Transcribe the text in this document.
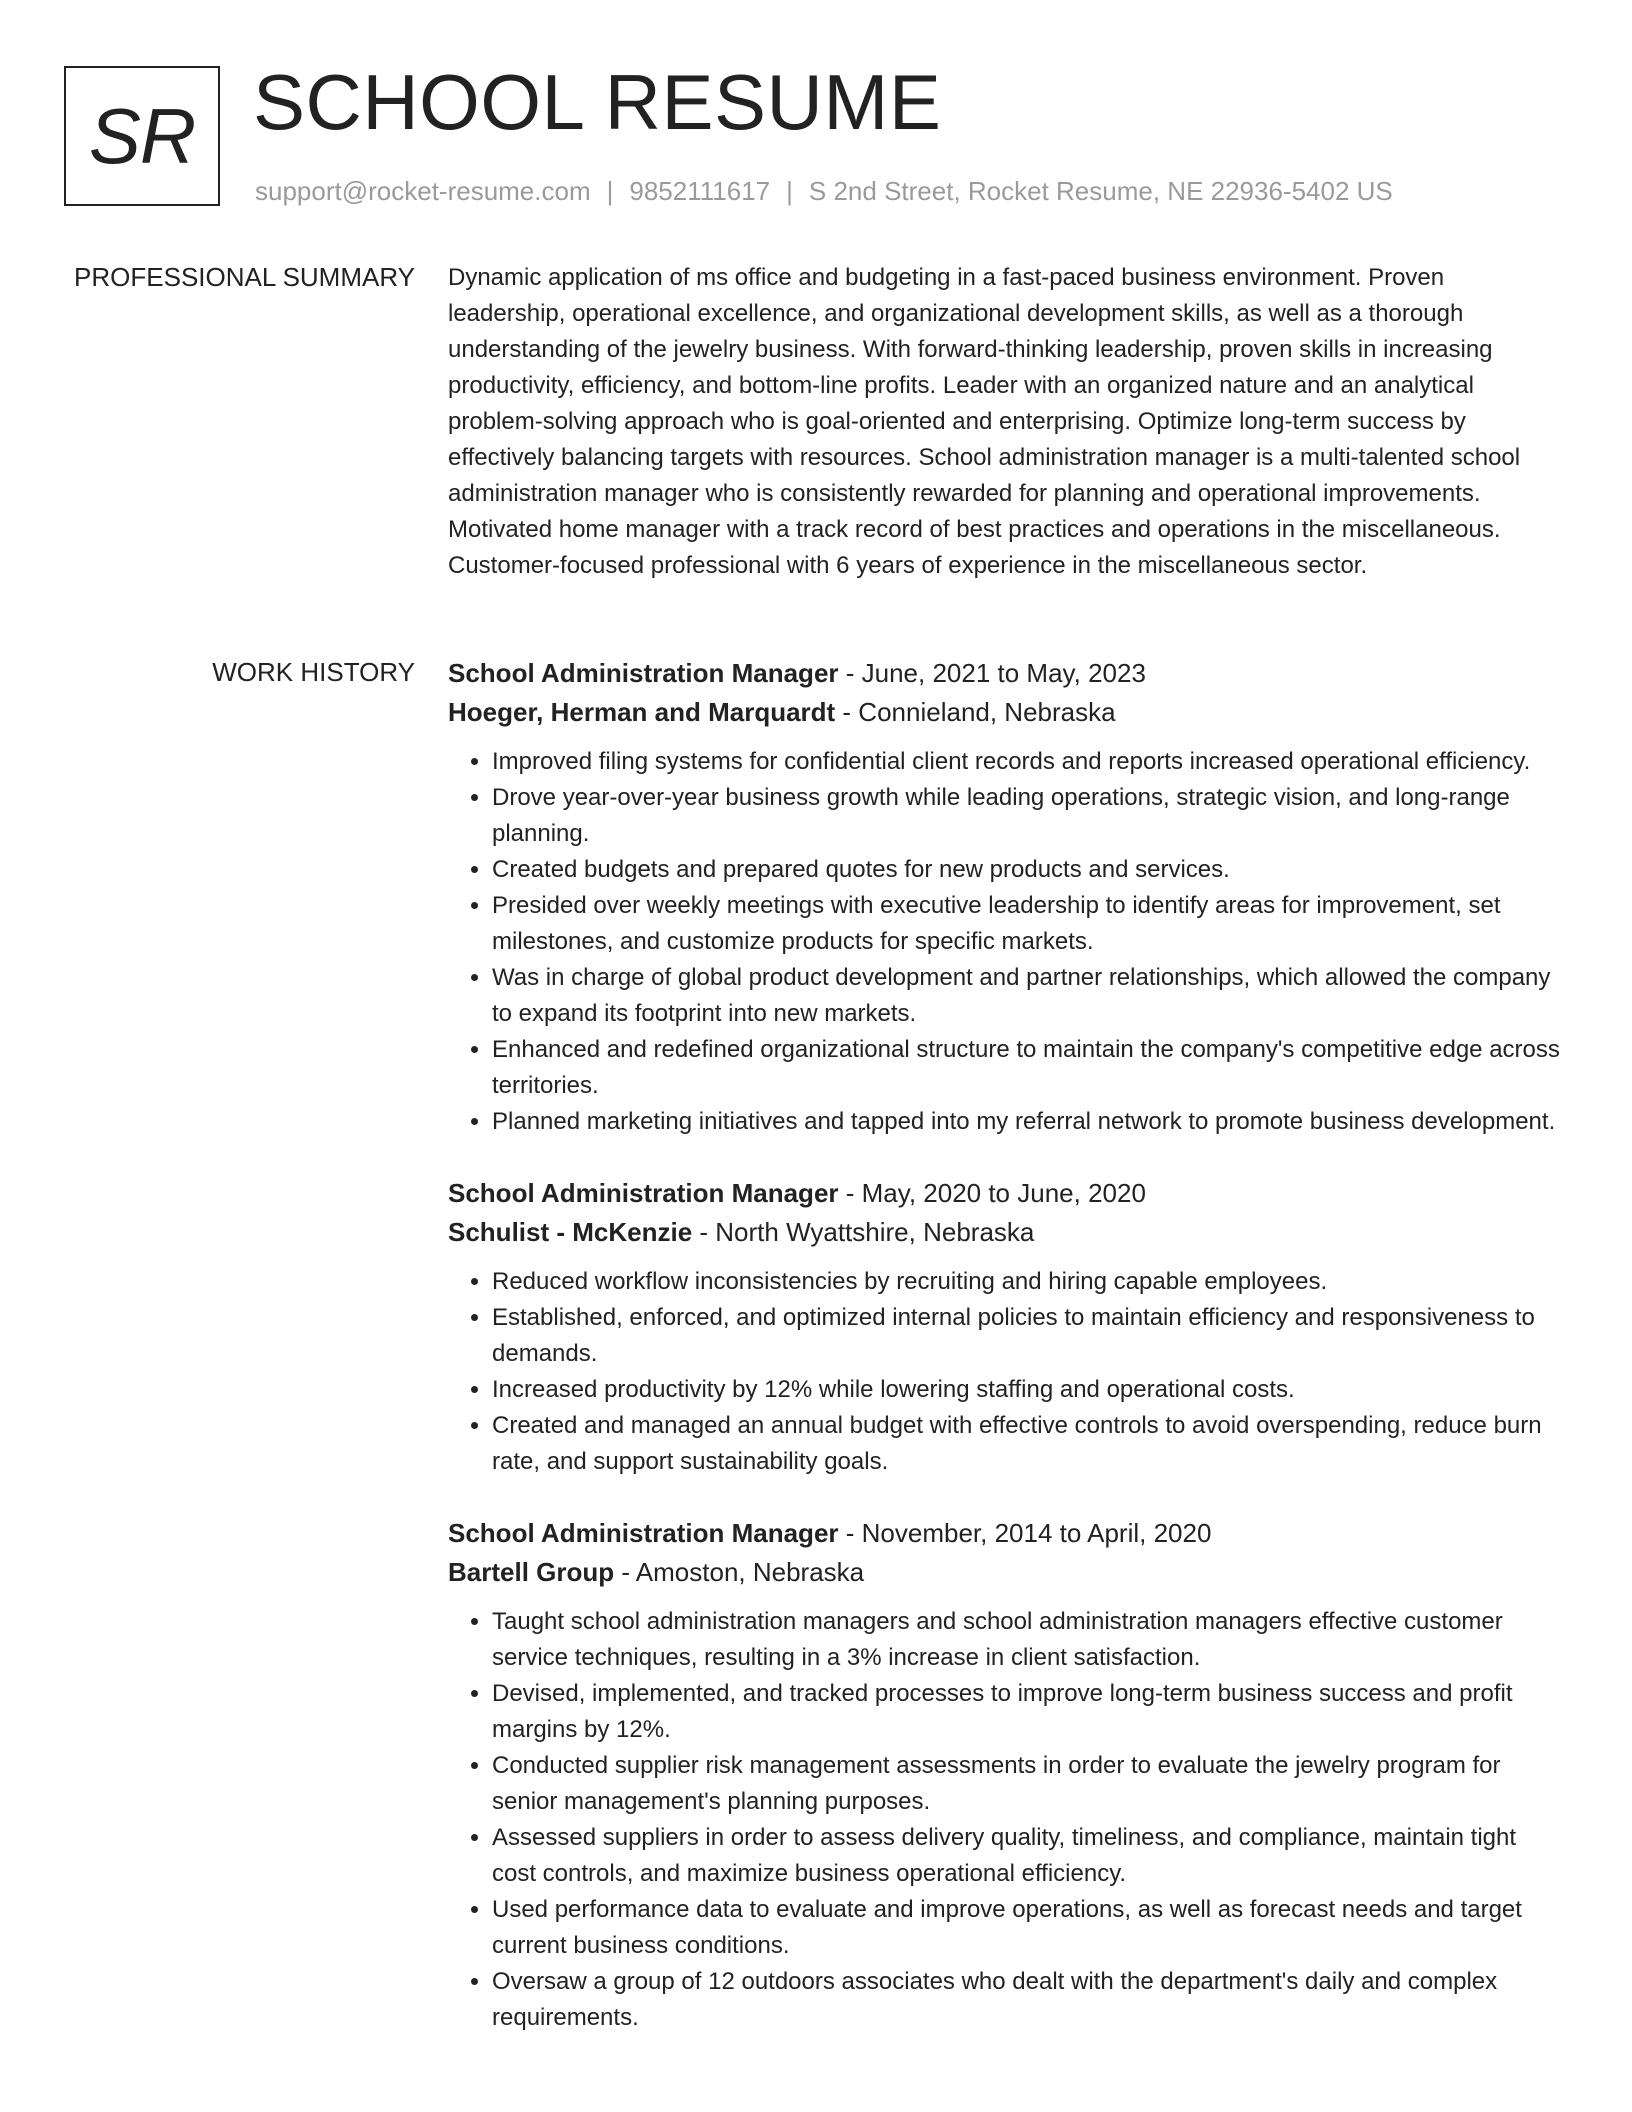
SR SCHOOL RESUME
support@rocket-resume.com | 9852111617 | S 2nd Street, Rocket Resume, NE 22936-5402 US
PROFESSIONAL SUMMARY Dynamic application of ms office and budgeting in a fast-paced business environment. Proven leadership, operational excellence, and organizational development skills, as well as a thorough understanding of the jewelry business. With forward-thinking leadership, proven skills in increasing productivity, efficiency, and bottom-line profits. Leader with an organized nature and an analytical problem-solving approach who is goal-oriented and enterprising. Optimize long-term success by effectively balancing targets with resources. School administration manager is a multi-talented school administration manager who is consistently rewarded for planning and operational improvements. Motivated home manager with a track record of best practices and operations in the miscellaneous. Customer-focused professional with 6 years of experience in the miscellaneous sector.

WORK HISTORY School Administration Manager - June, 2021 to May, 2023
Hoeger, Herman and Marquardt - Connieland, Nebraska
• Improved filing systems for confidential client records and reports increased operational efficiency.
• Drove year-over-year business growth while leading operations, strategic vision, and long-range planning.
• Created budgets and prepared quotes for new products and services.
• Presided over weekly meetings with executive leadership to identify areas for improvement, set milestones, and customize products for specific markets.
• Was in charge of global product development and partner relationships, which allowed the company to expand its footprint into new markets.
• Enhanced and redefined organizational structure to maintain the company's competitive edge across territories.
• Planned marketing initiatives and tapped into my referral network to promote business development.
School Administration Manager - May, 2020 to June, 2020
Schulist - McKenzie - North Wyattshire, Nebraska
• Reduced workflow inconsistencies by recruiting and hiring capable employees.
• Established, enforced, and optimized internal policies to maintain efficiency and responsiveness to demands.
• Increased productivity by 12% while lowering staffing and operational costs.
• Created and managed an annual budget with effective controls to avoid overspending, reduce burn rate, and support sustainability goals.
School Administration Manager - November, 2014 to April, 2020
Bartell Group - Amoston, Nebraska
• Taught school administration managers and school administration managers effective customer service techniques, resulting in a 3% increase in client satisfaction.
• Devised, implemented, and tracked processes to improve long-term business success and profit margins by 12%.
• Conducted supplier risk management assessments in order to evaluate the jewelry program for senior management's planning purposes.
• Assessed suppliers in order to assess delivery quality, timeliness, and compliance, maintain tight cost controls, and maximize business operational efficiency.
• Used performance data to evaluate and improve operations, as well as forecast needs and target current business conditions.
• Oversaw a group of 12 outdoors associates who dealt with the department's daily and complex requirements.
